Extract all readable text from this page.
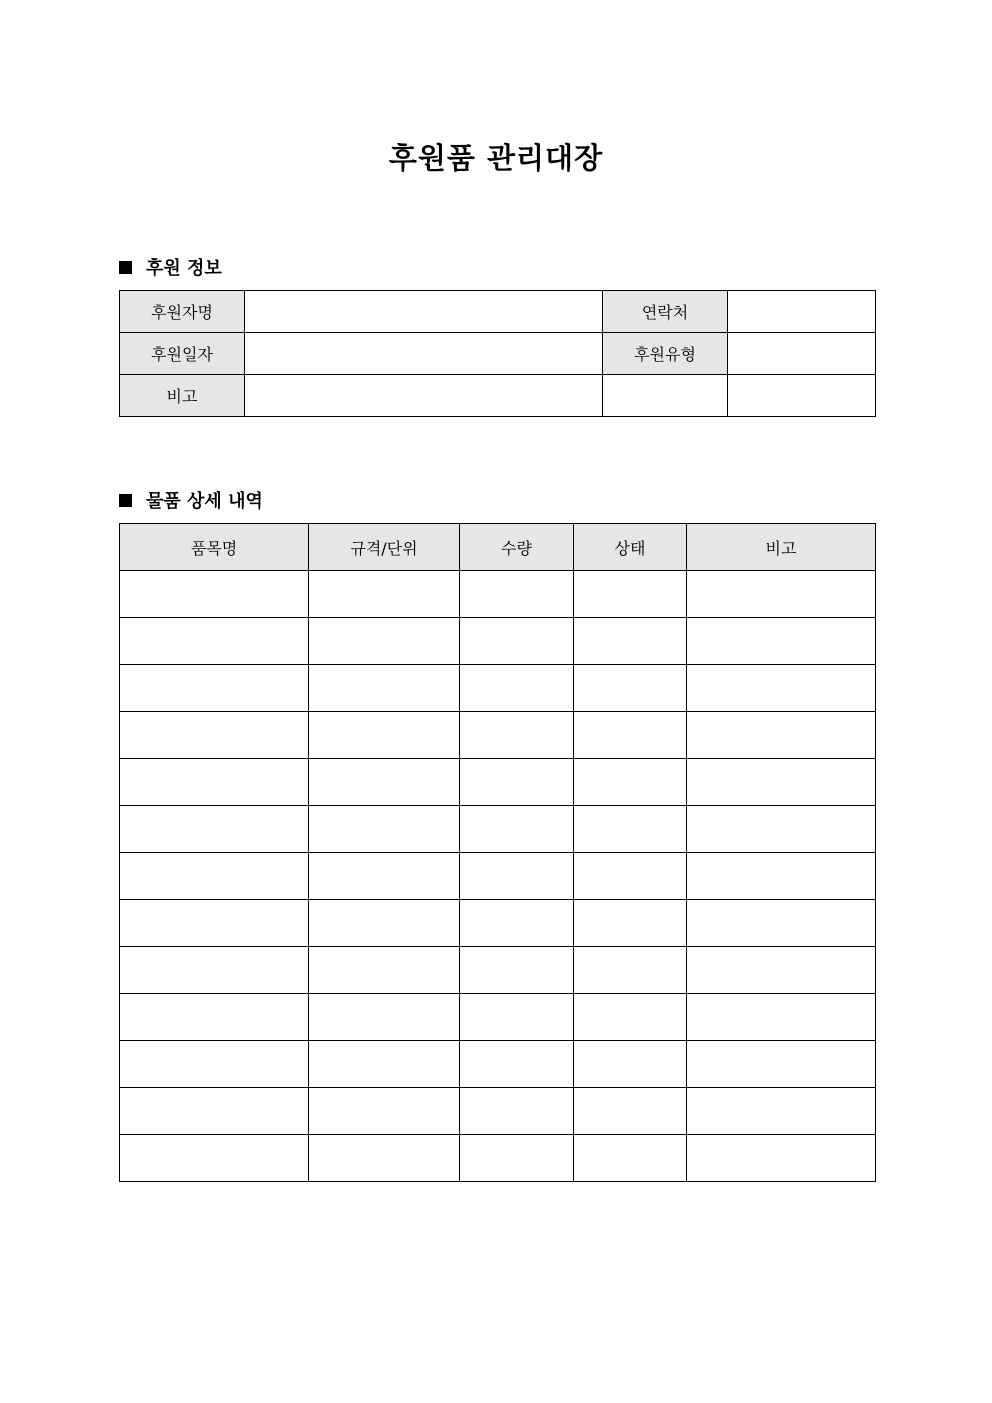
후원품 관리대장
후원 정보
후원자명		연락처	
후원일자		후원유형	
비고			
물품 상세 내역
품목명	규격/단위	수량	상태	비고
